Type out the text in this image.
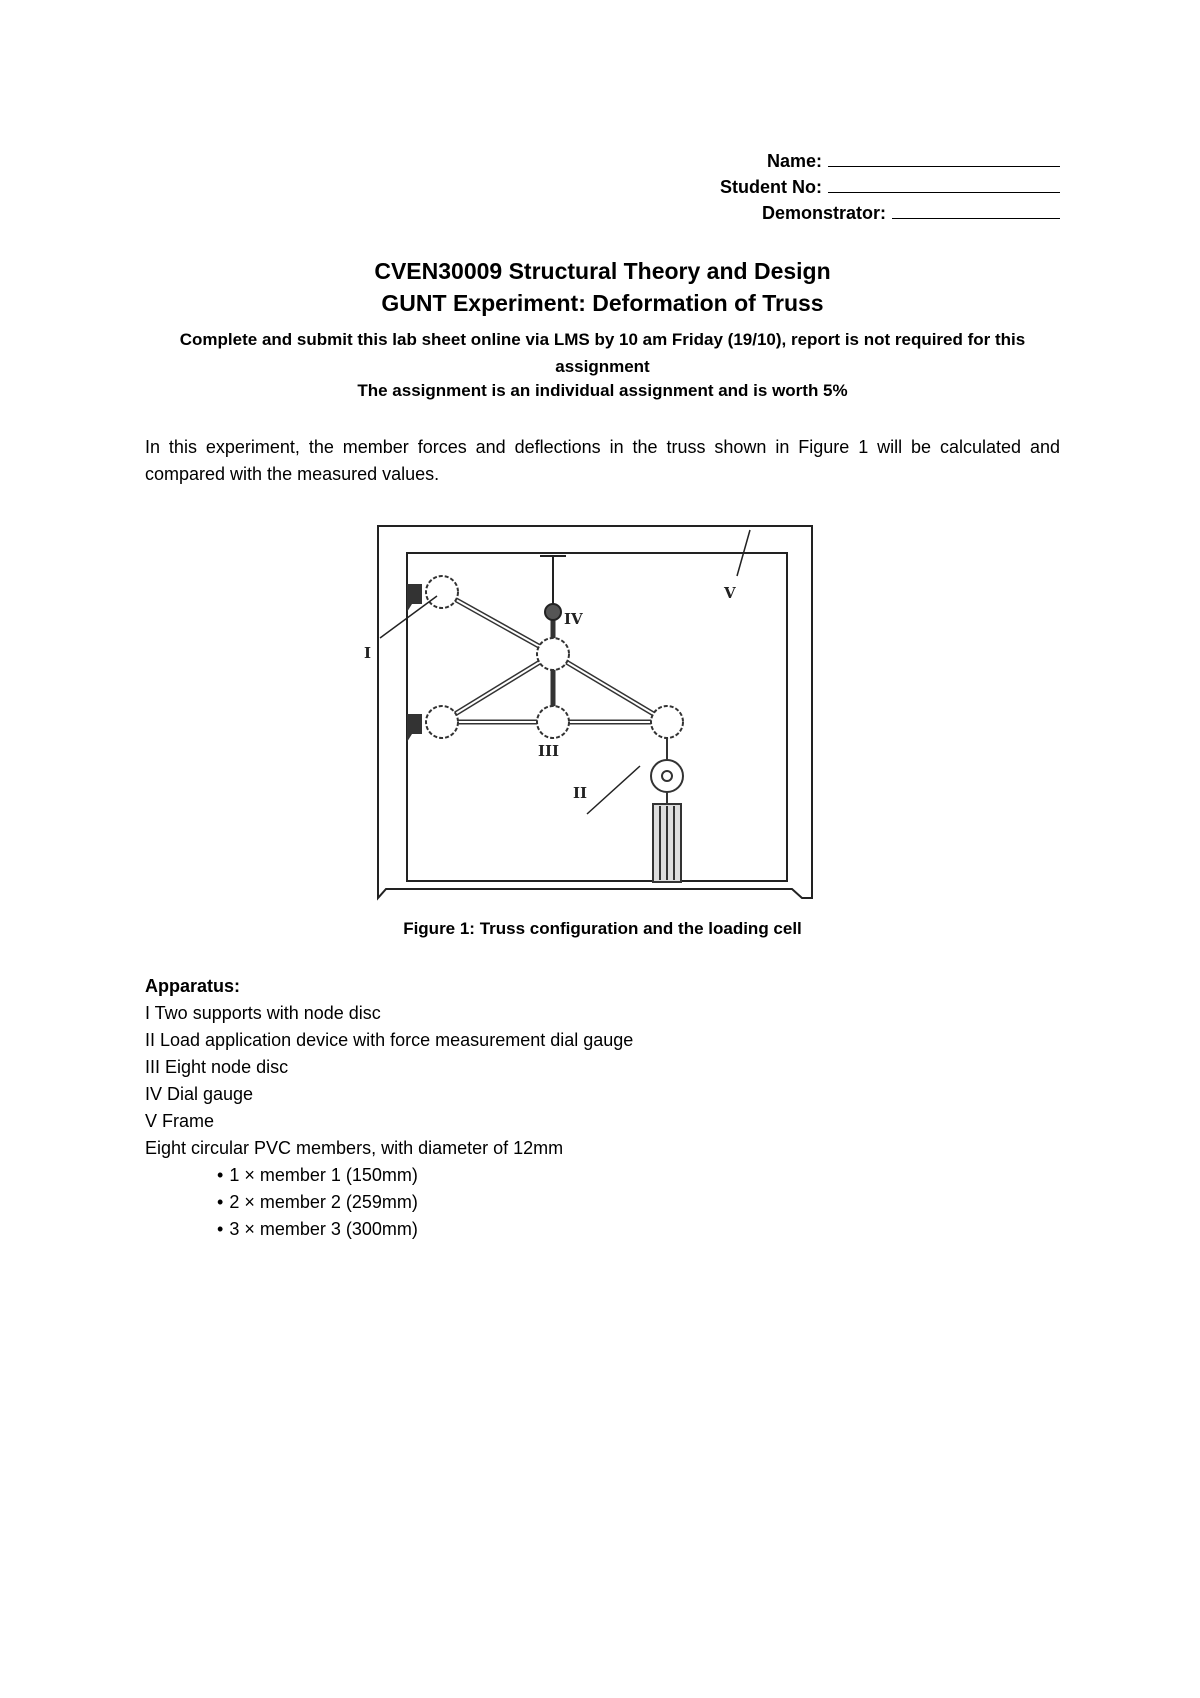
Name:
Student No:
Demonstrator:
CVEN30009 Structural Theory and Design
GUNT Experiment: Deformation of Truss
Complete and submit this lab sheet online via LMS by 10 am Friday (19/10), report is not required for this assignment
The assignment is an individual assignment and is worth 5%
In this experiment, the member forces and deflections in the truss shown in Figure 1 will be calculated and compared with the measured values.
I
II
III
IV
V
Figure 1: Truss configuration and the loading cell
Apparatus:
I Two supports with node disc
II Load application device with force measurement dial gauge
III Eight node disc
IV Dial gauge
V Frame
Eight circular PVC members, with diameter of 12mm
• 1 × member 1 (150mm)
• 2 × member 2 (259mm)
• 3 × member 3 (300mm)
